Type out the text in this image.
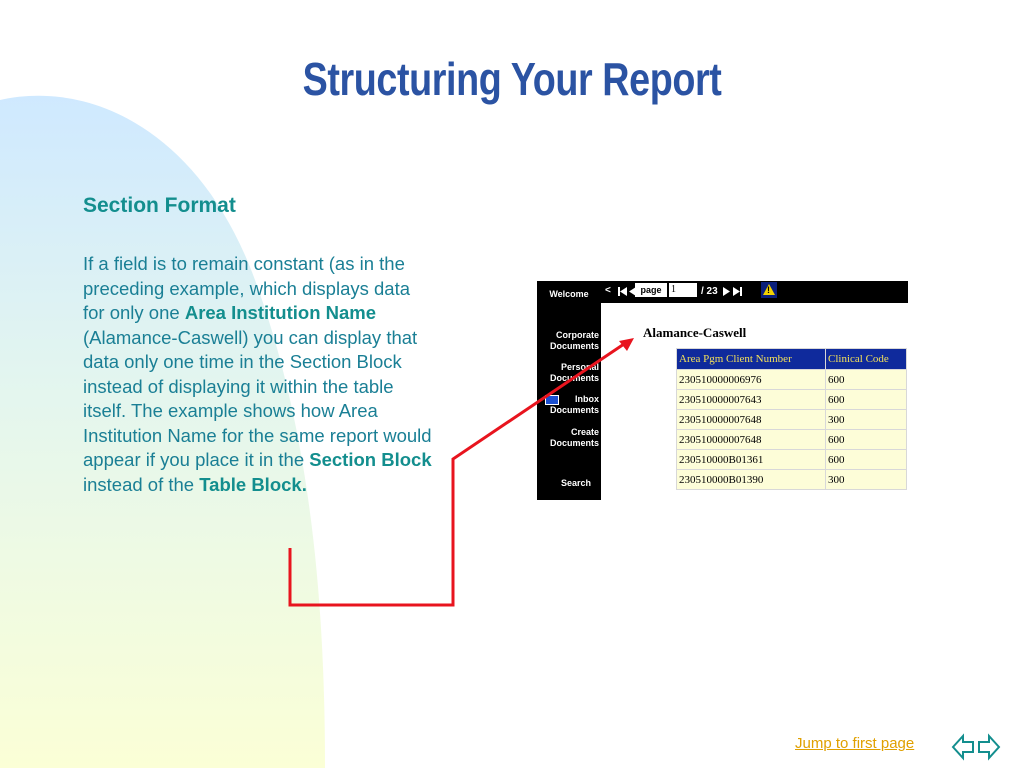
Structuring Your Report
Section Format

If a field is to remain constant (as in the preceding example, which displays data for only one Area Institution Name (Alamance-Caswell) you can display that data only one time in the Section Block instead of displaying it within the table itself. The example shows how Area Institution Name for the same report would appear if you place it in the Section Block instead of the Table Block.

Welcome
Corporate Documents
Personal Documents
Inbox Documents
Create Documents
Search
<	page 1	/ 23	!
Alamance-Caswell
Area Pgm Client Number	Clinical Code
230510000006976	600
230510000007643	600
230510000007648	300
230510000007648	600
230510000B01361	600
230510000B01390	300
Jump to first page
